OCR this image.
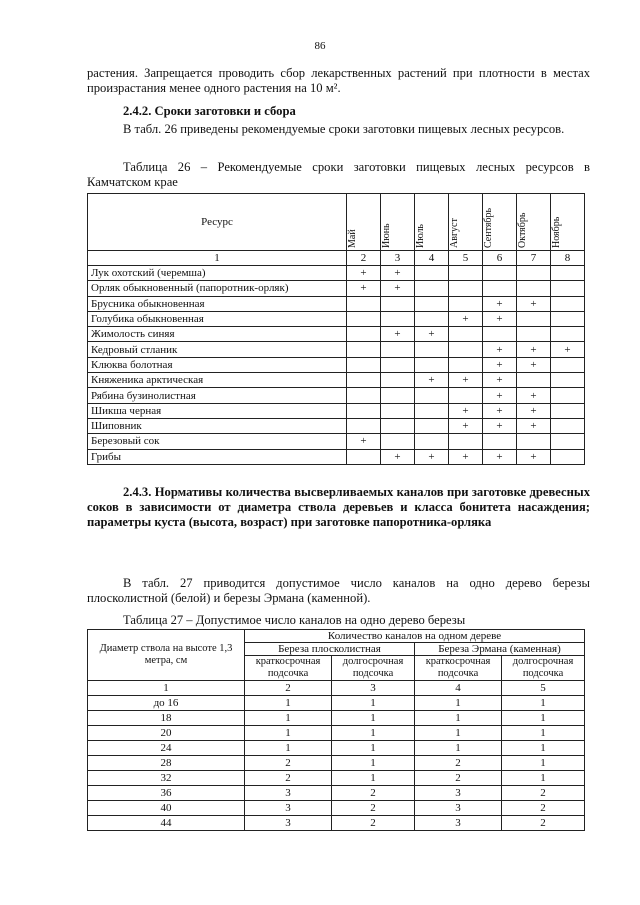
86
растения. Запрещается проводить сбор лекарственных растений при плотности в местах произрастания менее одного растения на 10 м².
2.4.2. Сроки заготовки и сбора
В табл. 26 приведены рекомендуемые сроки заготовки пищевых лесных ресурсов.
Таблица 26 – Рекомендуемые сроки заготовки пищевых лесных ресурсов в Камчатском крае
Ресурс	Май	Июнь	Июль	Август	Сентябрь	Октябрь	Ноябрь

1	2	3	4	5	6	7	8
Лук охотский (черемша)	+	+					
Орляк обыкновенный (папоротник-орляк)	+	+					
Брусника обыкновенная					+	+	
Голубика обыкновенная				+	+		
Жимолость синяя		+	+				
Кедровый стланик					+	+	+
Клюква болотная					+	+	
Княженика арктическая			+	+	+		
Рябина бузинолистная					+	+	
Шикша черная				+	+	+	
Шиповник				+	+	+	
Березовый сок	+						
Грибы		+	+	+	+	+	
2.4.3. Нормативы количества высверливаемых каналов при заготовке древесных соков в зависимости от диаметра ствола деревьев и класса бонитета насаждения; параметры куста (высота, возраст) при заготовке папоротника-орляка
В табл. 27 приводится допустимое число каналов на одно дерево березы плосколистной (белой) и березы Эрмана (каменной).
Таблица 27 – Допустимое число каналов на одно дерево березы
Диаметр ствола на высоте 1,3 метра, см	Количество каналов на одном дереве			
	Береза плосколистная		Береза Эрмана (каменная)	
	краткосрочная подсочка	долгосрочная подсочка	краткосрочная подсочка	долгосрочная подсочка
1	2	3	4	5
до 16	1	1	1	1
18	1	1	1	1
20	1	1	1	1
24	1	1	1	1
28	2	1	2	1
32	2	1	2	1
36	3	2	3	2
40	3	2	3	2
44	3	2	3	2
